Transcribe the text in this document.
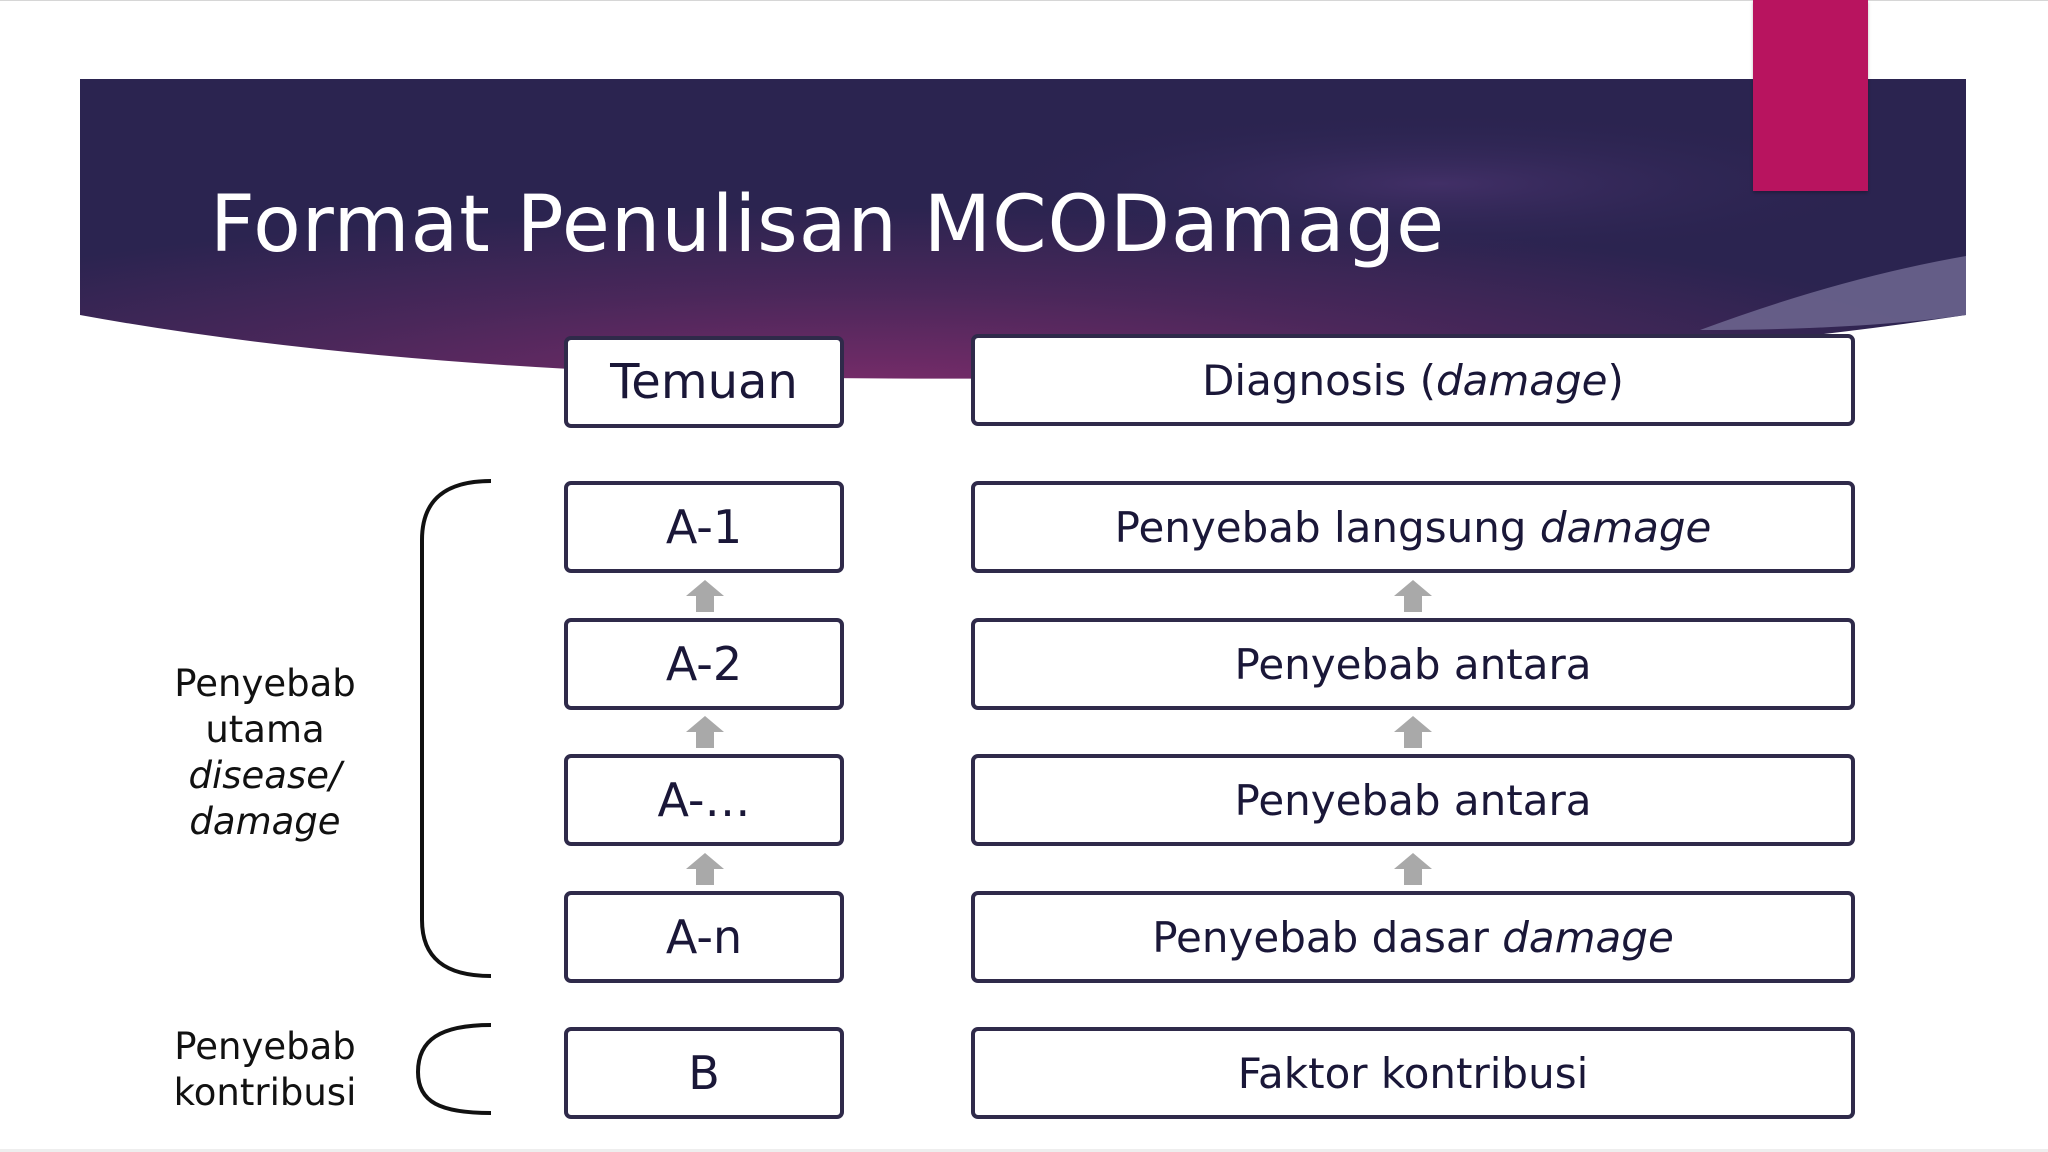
Format Penulisan MCODamage
Temuan	Diagnosis ( damage )
A-1	Penyebab langsung damage
A-2	Penyebab antara
A-…	Penyebab antara
A-n	Penyebab dasar damage
B	Faktor kontribusi
Penyebab
utama
disease/
damage
Penyebab
kontribusi
